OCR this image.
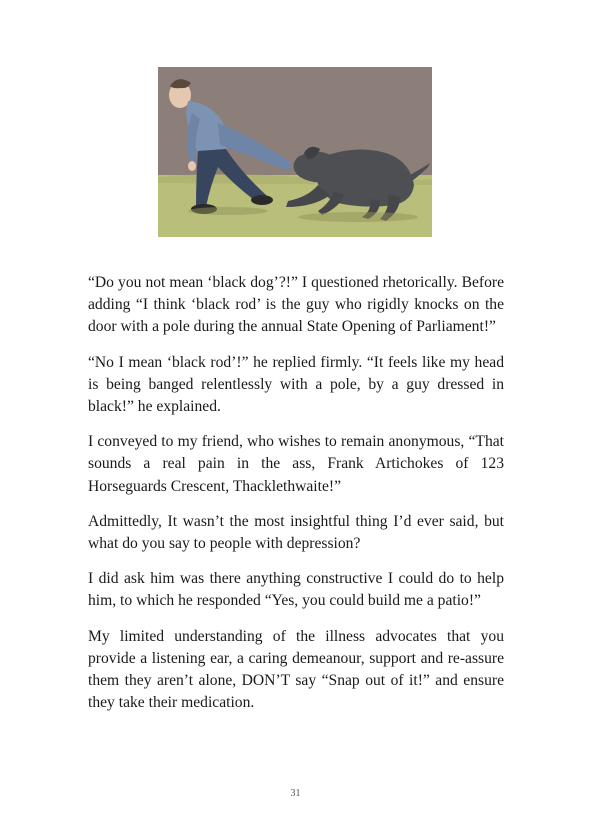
“Do you not mean ‘black dog’?!” I questioned rhetorically. Before adding “I think ‘black rod’ is the guy who rigidly knocks on the door with a pole during the annual State Opening of Parliament!”

“No I mean ‘black rod’!” he replied firmly. “It feels like my head is being banged relentlessly with a pole, by a guy dressed in black!” he explained.

I conveyed to my friend, who wishes to remain anonymous, “That sounds a real pain in the ass, Frank Artichokes of 123 Horseguards Crescent, Thacklethwaite!”

Admittedly, It wasn’t the most insightful thing I’d ever said, but what do you say to people with depression?

I did ask him was there anything constructive I could do to help him, to which he responded “Yes, you could build me a patio!”

My limited understanding of the illness advocates that you provide a listening ear, a caring demeanour, support and re-assure them they aren’t alone, DON’T say “Snap out of it!” and ensure they take their medication.

31
